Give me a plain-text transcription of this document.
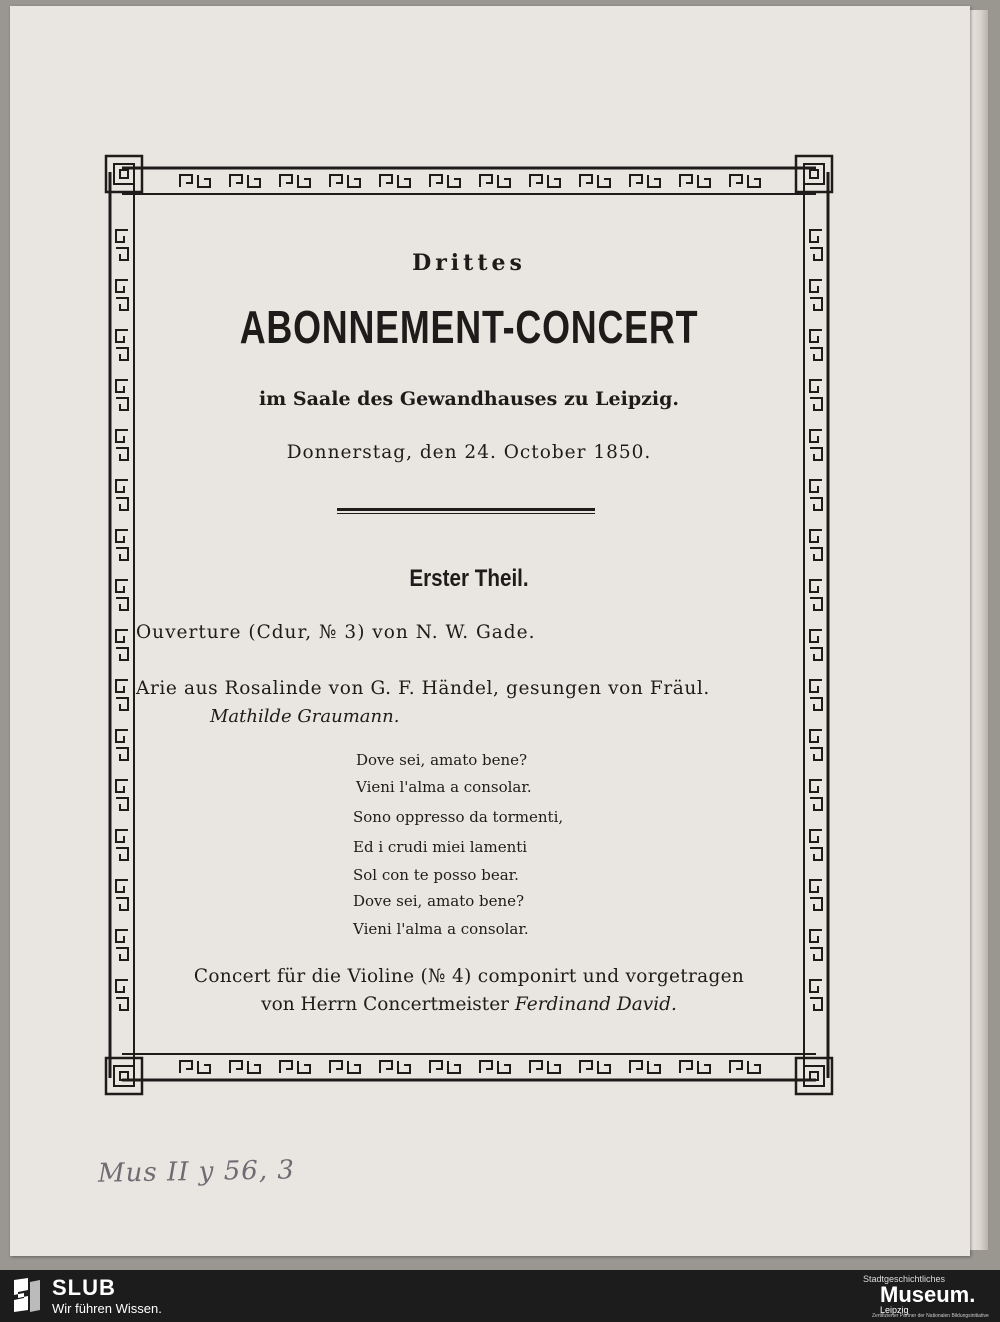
Drittes
ABONNEMENT-CONCERT
im Saale des Gewandhauses zu Leipzig.
Donnerstag, den 24. October 1850.
Erster Theil.
Ouverture (Cdur, № 3) von N. W. Gade.
Arie aus Rosalinde von G. F. Händel, gesungen von Fräul.
Mathilde Graumann.
Dove sei, amato bene?
Vieni l'alma a consolar.
Sono oppresso da tormenti,
Ed i crudi miei lamenti
Sol con te posso bear.
Dove sei, amato bene?
Vieni l'alma a consolar.
Concert für die Violine (№ 4) componirt und vorgetragen
von Herrn Concertmeister Ferdinand David.
Mus II y 56, 3
SLUB
Wir führen Wissen.
Stadtgeschichtliches
Museum.
Leipzig
Zertifizierter Partner der Nationalen Bildungsinitiative
